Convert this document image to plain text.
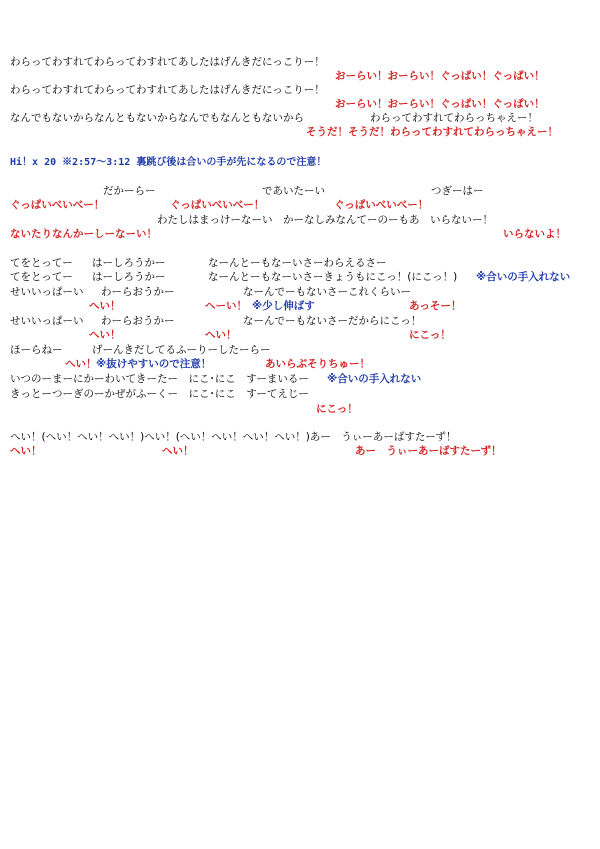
わらってわすれてわらってわすれてあしたはげんきだにっこりー！
おーらい！おーらい！ぐっぱい！ぐっぱい！
わらってわすれてわらってわすれてあしたはげんきだにっこりー！
おーらい！おーらい！ぐっぱい！ぐっぱい！
なんでもないからなんともないからなんでもなんともないから	わらってわすれてわらっちゃえー！
そうだ！そうだ！わらってわすれてわらっちゃえー！
Hi！x 20 ※2:57～3:12 裏跳び後は合いの手が先になるので注意！
だかーらー	であいたーい	つぎーはー
ぐっぱいべいべー！	ぐっぱいべいべー！	ぐっぱいべいべー！
わたしはまっけーなーい　かーなしみなんてーのーもあ　いらないー！
ないたりなんかーしーなーい！	いらないよ！
てをとってー はーしろうかー	なーんとーもなーいさーわらえるさー
てをとってー はーしろうかー	なーんとーもなーいさーきょうもにこっ！(にこっ！) ※合いの手入れない
せいいっぱーい わーらおうかー	なーんでーもないさーこれくらいー
へい！	へーい！ ※少し伸ばす	あっそー！
せいいっぱーい わーらおうかー	なーんでーもないさーだからにこっ！
へい！	へい！	にこっ！
ほーらねー	げーんきだしてるふーりーしたーらー
へい！ ※抜けやすいので注意！	あいらぶそりちゅー！
いつのーまーにかーわいてきーたー　にこ･にこ　すーまいるー ※合いの手入れない
きっとーつーぎのーかぜがふーくー　にこ･にこ　すーてえじー
にこっ！
へい！(へい！へい！へい！)へい！(へい！へい！へい！へい！)あー　うぃーあーばすたーず！
へい！	へい！	あー　うぃーあーばすたーず！
